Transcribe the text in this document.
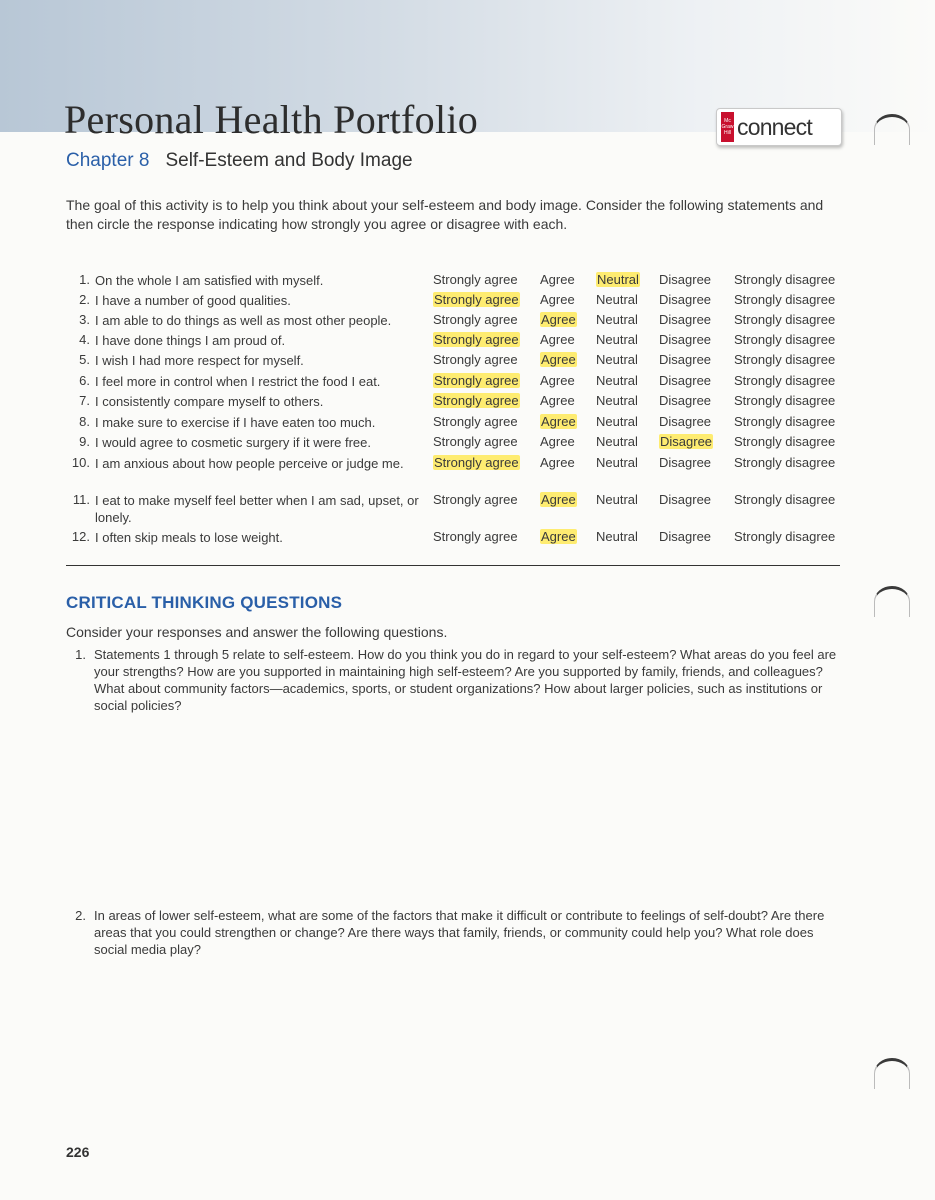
Personal Health Portfolio	Mc
Graw
Hill connect
Chapter 8 Self-Esteem and Body Image

The goal of this activity is to help you think about your self-esteem and body image. Consider the following statements and then circle the response indicating how strongly you agree or disagree with each.

1. On the whole I am satisfied with myself.	Strongly agree Agree Neutral Disagree Strongly disagree
2. I have a number of good qualities.	Strongly agree Agree Neutral Disagree Strongly disagree
3. I am able to do things as well as most other people.	Strongly agree Agree Neutral Disagree Strongly disagree
4. I have done things I am proud of.	Strongly agree Agree Neutral Disagree Strongly disagree
5. I wish I had more respect for myself.	Strongly agree Agree Neutral Disagree Strongly disagree
6. I feel more in control when I restrict the food I eat.	Strongly agree Agree Neutral Disagree Strongly disagree
7. I consistently compare myself to others.	Strongly agree Agree Neutral Disagree Strongly disagree
8. I make sure to exercise if I have eaten too much.	Strongly agree Agree Neutral Disagree Strongly disagree
9. I would agree to cosmetic surgery if it were free.	Strongly agree Agree Neutral Disagree Strongly disagree
10. I am anxious about how people perceive or judge me.	Strongly agree Agree Neutral Disagree Strongly disagree
11. I eat to make myself feel better when I am sad, upset, or lonely.
Strongly agree Agree Neutral Disagree Strongly disagree
12. I often skip meals to lose weight.	Strongly agree Agree Neutral Disagree Strongly disagree
CRITICAL THINKING QUESTIONS
Consider your responses and answer the following questions.
1. Statements 1 through 5 relate to self-esteem. How do you think you do in regard to your self-esteem? What areas do you feel are your strengths? How are you supported in maintaining high self-esteem? Are you supported by family, friends, and colleagues? What about community factors—academics, sports, or student organizations? How about larger policies, such as institutions or social policies?
2. In areas of lower self-esteem, what are some of the factors that make it difficult or contribute to feelings of self-doubt? Are there areas that you could strengthen or change? Are there ways that family, friends, or community could help you? What role does social media play?
226
